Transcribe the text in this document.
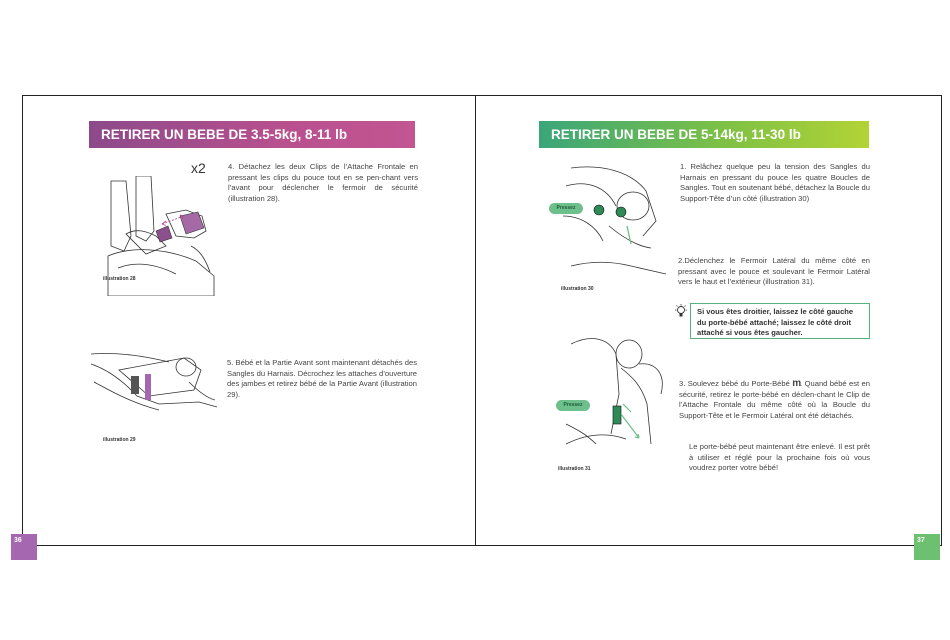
RETIRER UN BEBE DE 3.5-5kg, 8-11 lb
x2
illustration 28
4. Détachez les deux Clips de l’Attache Frontale en pressant les clips du pouce tout en se pen-chant vers l’avant pour déclencher le fermoir de sécurité (illustration 28).
illustration 29
5. Bébé et la Partie Avant sont maintenant détachés des Sangles du Harnais. Décrochez les attaches d’ouverture des jambes et retirez bébé de la Partie Avant (illustration 29).
36
RETIRER UN BEBE DE 5-14kg, 11-30 lb
Pressez
illustration 30
1. Relâchez quelque peu la tension des Sangles du Harnais en pressant du pouce les quatre Boucles de Sangles. Tout en soutenant bébé, détachez la Boucle du Support-Tête d’un côté (illustration 30)
2.Déclenchez le Fermoir Latéral du même côté en pressant avec le pouce et soulevant le Fermoir Latéral vers le haut et l’extérieur (illustration 31).
Si vous êtes droitier, laissez le côté gauche du porte-bébé attaché; laissez le côté droit attaché si vous êtes gaucher.
Pressez
illustration 31
3. Soulevez bébé du Porte-Bébé m. Quand bébé est en sécurité, retirez le porte-bébé en déclen-chant le Clip de l’Attache Frontale du même côté où la Boucle du Support-Tête et le Fermoir Latéral ont été détachés.
Le porte-bébé peut maintenant être enlevé. Il est prêt à utiliser et réglé pour la prochaine fois où vous voudrez porter votre bébé!
37
